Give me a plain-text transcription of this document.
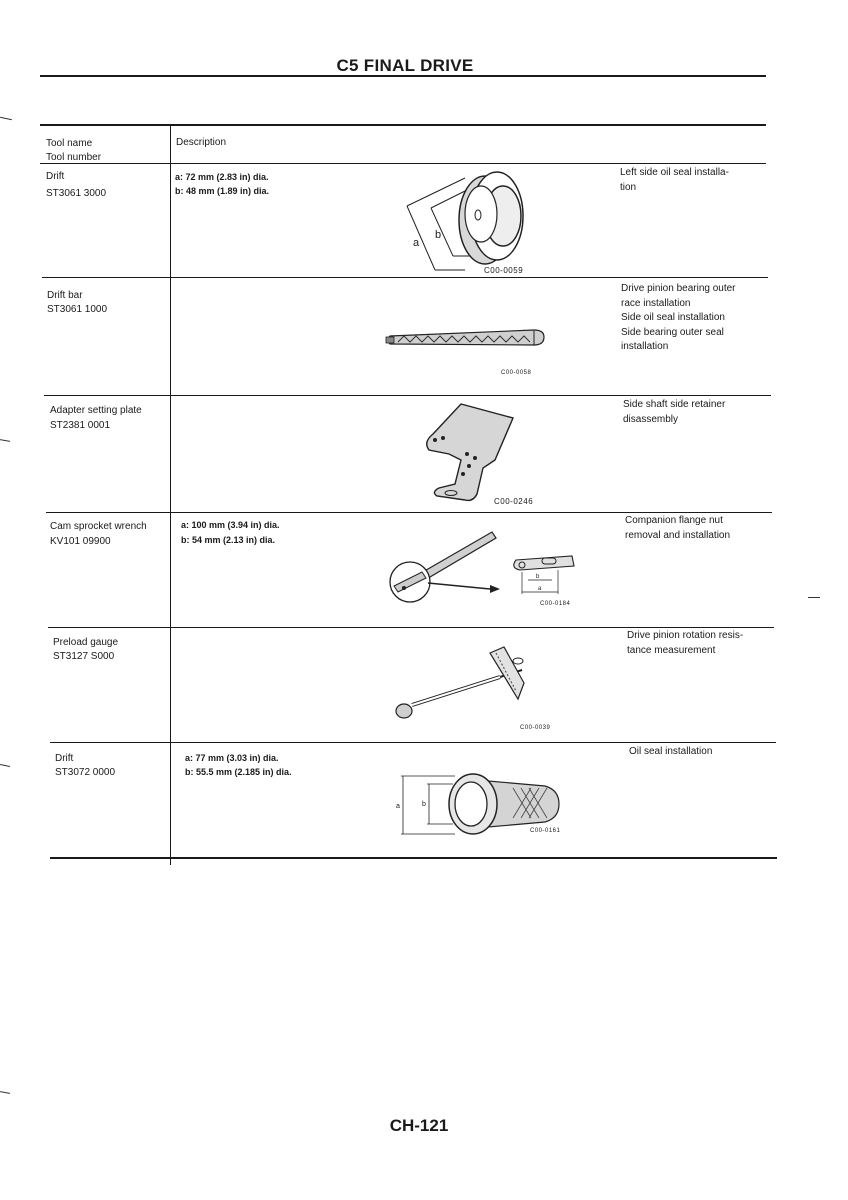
C5 FINAL DRIVE
Tool name
Tool number
Description
Drift
ST3061 3000
a: 72 mm (2.83 in) dia.
b: 48 mm (1.89 in) dia.
Left side oil seal installa-
tion
a
b
C00-0059
Drift bar
ST3061 1000
Drive pinion bearing outer
race installation
Side oil seal installation
Side bearing outer seal
installation
C00-0058
Adapter setting plate
ST2381 0001
Side shaft side retainer
disassembly
C00-0246
Cam sprocket wrench
KV101 09900
a: 100 mm (3.94 in) dia.
b: 54 mm (2.13 in) dia.
Companion flange nut
removal and installation
b
a
C00-0184
Preload gauge
ST3127 S000
Drive pinion rotation resis-
tance measurement
C00-0039
Drift
ST3072 0000
a: 77 mm (3.03 in) dia.
b: 55.5 mm (2.185 in) dia.
Oil seal installation
a	b
C00-0161
CH-121
